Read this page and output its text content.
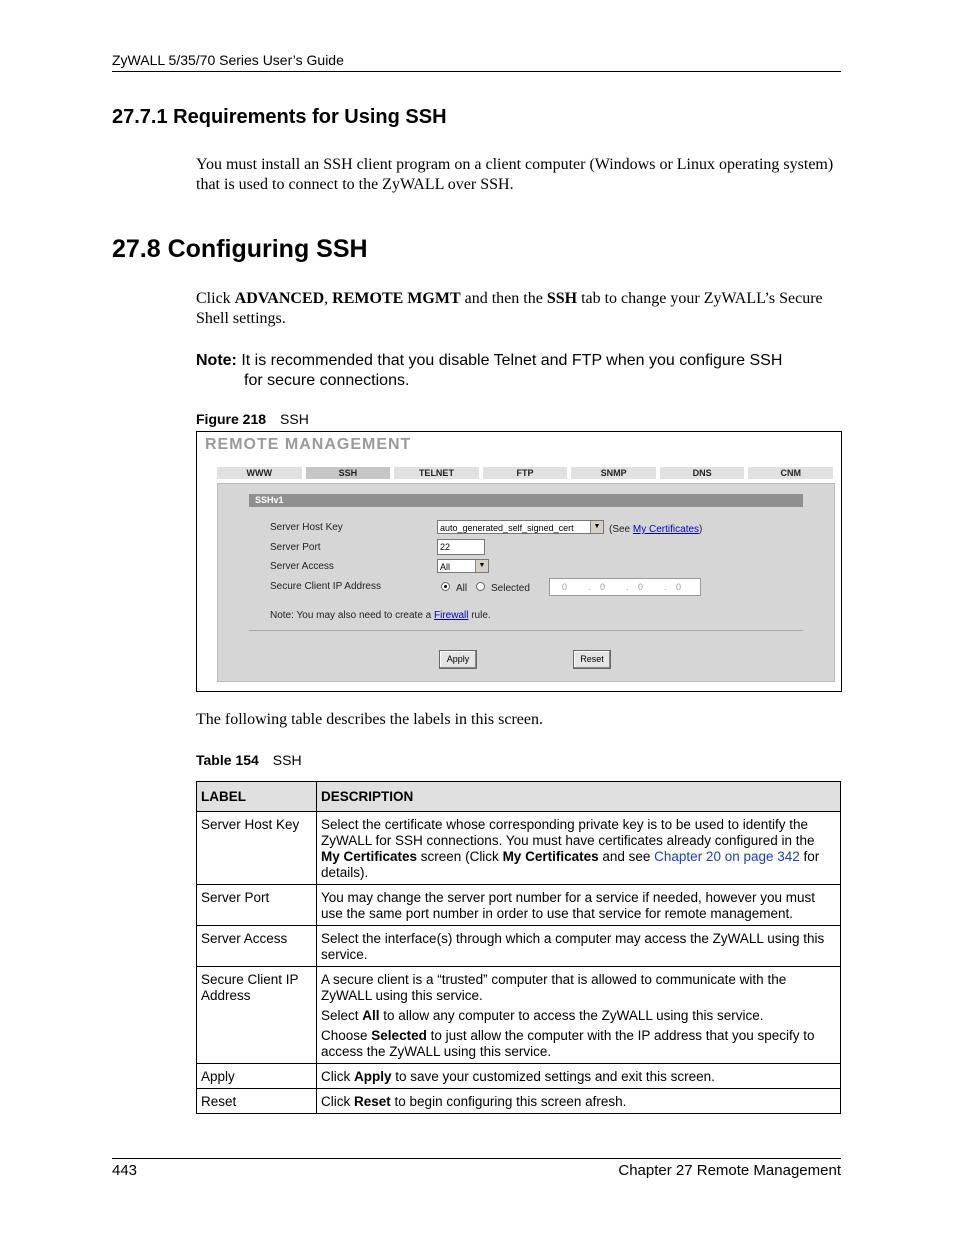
ZyWALL 5/35/70 Series User’s Guide
27.7.1 Requirements for Using SSH
You must install an SSH client program on a client computer (Windows or Linux operating system) that is used to connect to the ZyWALL over SSH.
27.8 Configuring SSH
Click ADVANCED, REMOTE MGMT and then the SSH tab to change your ZyWALL’s Secure Shell settings.
Note: It is recommended that you disable Telnet and FTP when you configure SSH
for secure connections.
Figure 218 SSH
REMOTE MANAGEMENT
WWW	SSH	TELNET	FTP	SNMP	DNS	CNM
SSHv1
Server Host Key	auto_generated_self_signed_cert	▼ (See My Certificates)
Server Port	22
Server Access	All	▼
Secure Client IP Address	All Selected	0 . 0 . 0 . 0
Note: You may also need to create a Firewall rule.
Apply	Reset
The following table describes the labels in this screen.
Table 154 SSH
LABEL	DESCRIPTION
Server Host Key	Select the certificate whose corresponding private key is to be used to identify the ZyWALL for SSH connections. You must have certificates already configured in the My Certificates screen (Click My Certificates and see Chapter 20 on page 342 for details).
Server Port	You may change the server port number for a service if needed, however you must use the same port number in order to use that service for remote management.
Server Access	Select the interface(s) through which a computer may access the ZyWALL using this service.
Secure Client IP Address	A secure client is a “trusted” computer that is allowed to communicate with the ZyWALL using this service.
Select All to allow any computer to access the ZyWALL using this service.
Choose Selected to just allow the computer with the IP address that you specify to access the ZyWALL using this service.

Apply	Click Apply to save your customized settings and exit this screen.
Reset	Click Reset to begin configuring this screen afresh.
443	Chapter 27 Remote Management
